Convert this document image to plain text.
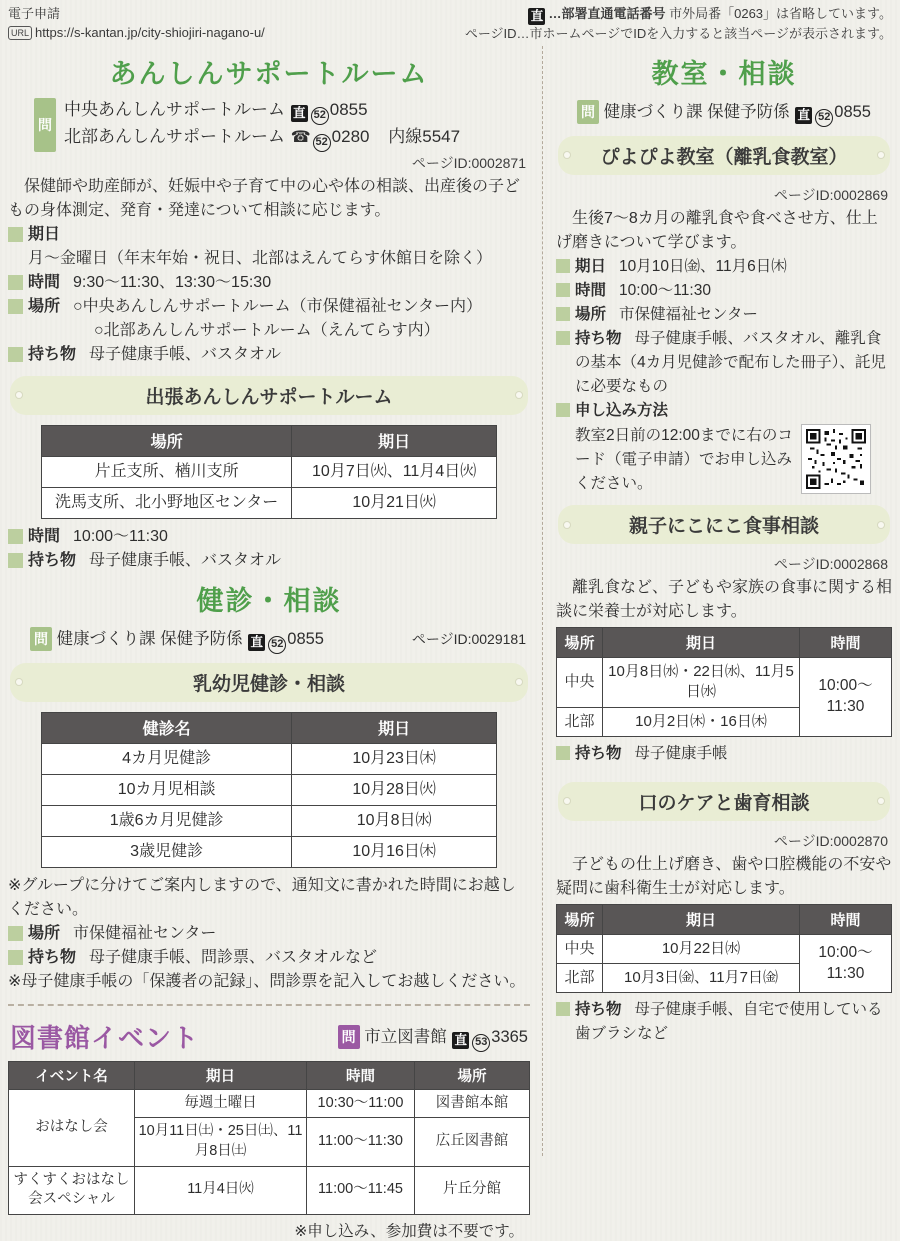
電子申請
URL https://s-kantan.jp/city-shiojiri-nagano-u/
直 …部署直通電話番号 市外局番「0263」は省略しています。
ページID…市ホームページでIDを入力すると該当ページが表示されます。
あんしんサポートルーム
問
中央あんしんサポートルーム 直 52 0855
北部あんしんサポートルーム ☎ 52 0280 内線5547
ページID:0002871

保健師や助産師が、妊娠中や子育て中の心や体の相談、出産後の子どもの身体測定、発育・発達について相談に応じます。

期日月〜金曜日（年末年始・祝日、北部はえんてらす休館日を除く）

時間 9:30〜11:30、13:30〜15:30

場所 ○中央あんしんサポートルーム（市保健福祉センター内）
○北部あんしんサポートルーム（えんてらす内）

持ち物 母子健康手帳、バスタオル

出張あんしんサポートルーム
場所	期日
片丘支所、楢川支所	10月7日㈫、11月4日㈫
洗馬支所、北小野地区センター	10月21日㈫

時間 10:00〜11:30

持ち物 母子健康手帳、バスタオル

健診・相談
問 健康づくり課 保健予防係 直 52 0855	ページID:0029181
乳幼児健診・相談
健診名	期日
4カ月児健診	10月23日㈭
10カ月児相談	10月28日㈫
1歳6カ月児健診	10月8日㈬
3歳児健診	10月16日㈭

※グループに分けてご案内しますので、通知文に書かれた時間にお越しください。

場所 市保健福祉センター

持ち物 母子健康手帳、問診票、バスタオルなど

※母子健康手帳の「保護者の記録」、問診票を記入してお越しください。

図書館イベント	問 市立図書館 直 53 3365
イベント名	期日	時間	場所
おはなし会	毎週土曜日	10:30〜11:00	図書館本館
	10月11日㈯・25日㈯、11月8日㈯	11:00〜11:30	広丘図書館
すくすくおはなし会スペシャル	11月4日㈫	11:00〜11:45	片丘分館

※申し込み、参加費は不要です。

教室・相談
問 健康づくり課 保健予防係 直 52 0855
ぴよぴよ教室（離乳食教室）
ページID:0002869

生後7〜8カ月の離乳食や食べさせ方、仕上げ磨きについて学びます。

期日 10月10日㈮、11月6日㈭

時間 10:00〜11:30

場所 市保健福祉センター

持ち物 母子健康手帳、バスタオル、離乳食の基本（4カ月児健診で配布した冊子）、託児に必要なもの

申し込み方法

教室2日前の12:00までに右のコード（電子申請）でお申し込みください。

親子にこにこ食事相談
ページID:0002868

離乳食など、子どもや家族の食事に関する相談に栄養士が対応します。

場所	期日	時間
中央	10月8日㈬・22日㈬、11月5日㈬	10:00〜11:30
北部	10月2日㈭・16日㈭	

持ち物 母子健康手帳

口のケアと歯育相談
ページID:0002870

子どもの仕上げ磨き、歯や口腔機能の不安や疑問に歯科衛生士が対応します。

場所	期日	時間
中央	10月22日㈬	10:00〜11:30
北部	10月3日㈮、11月7日㈮	

持ち物 母子健康手帳、自宅で使用している歯ブラシなど
